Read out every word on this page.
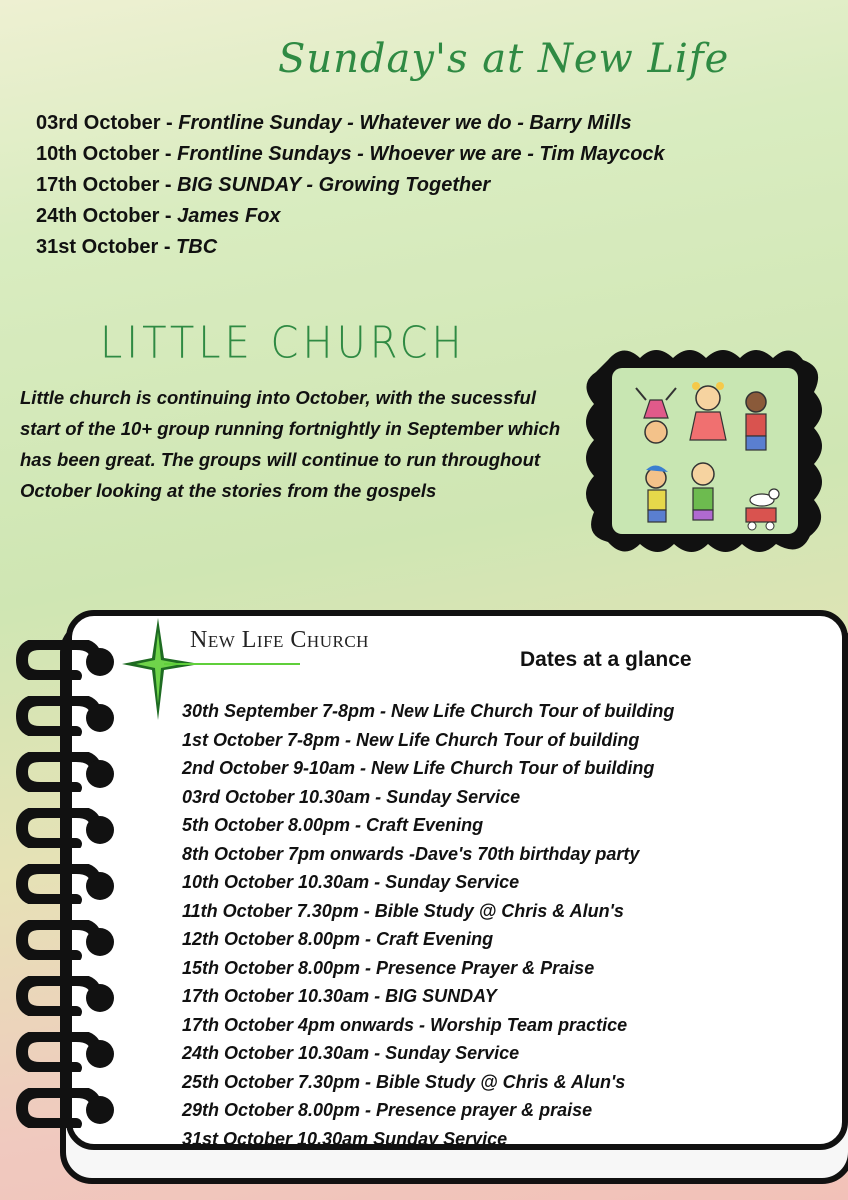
Sunday's at New Life
03rd October - Frontline Sunday - Whatever we do - Barry Mills
10th October - Frontline Sundays - Whoever we are - Tim Maycock
17th October - BIG SUNDAY - Growing Together
24th October - James Fox
31st October - TBC
LITTLE CHURCH

Little church is continuing into October, with the sucessful start of the 10+ group running fortnightly in September which has been great. The groups will continue to run throughout October looking at the stories from the gospels

New Life Church
Dates at a glance
30th September 7-8pm - New Life Church Tour of building
1st October 7-8pm - New Life Church Tour of building
2nd October 9-10am - New Life Church Tour of building
03rd October 10.30am - Sunday Service
5th October 8.00pm - Craft Evening
8th October 7pm onwards -Dave's 70th birthday party
10th October 10.30am - Sunday Service
11th October 7.30pm - Bible Study @ Chris & Alun's
12th October 8.00pm - Craft Evening
15th October 8.00pm - Presence Prayer & Praise
17th October 10.30am - BIG SUNDAY
17th October 4pm onwards - Worship Team practice
24th October 10.30am - Sunday Service
25th October 7.30pm - Bible Study @ Chris & Alun's
29th October 8.00pm - Presence prayer & praise
31st October 10.30am Sunday Service
